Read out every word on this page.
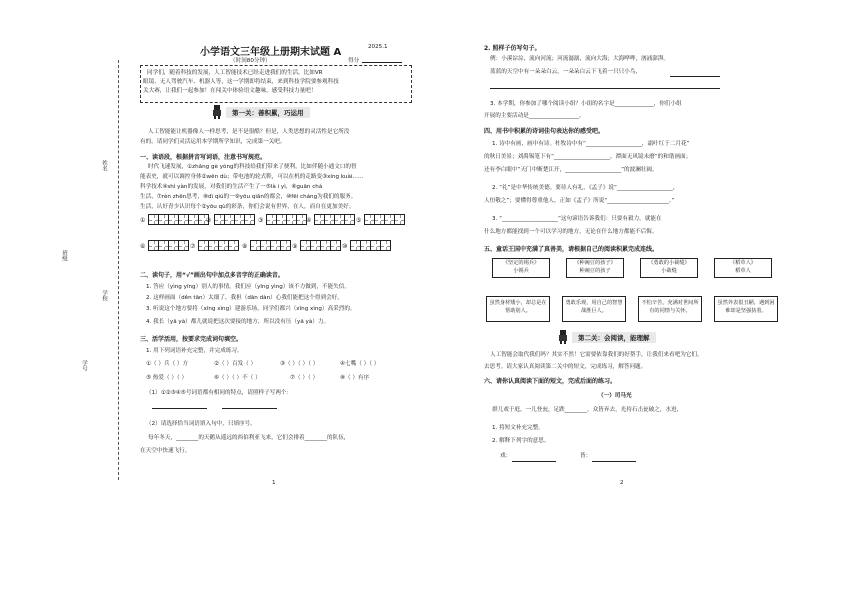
姓名
班级
学校
学号
小学语文三年级上册期末试题 A	2025.1
（时间80分钟）	得分
同学们，随着科技的发展，人工智能技术已经走进我们的生活，比如VR
眼镜、无人驾驶汽车、机器人等，这一学期即将结束，来到科技学院要参观科技
关大赛，让我们一起参加！在闯关中体验语文趣味，感受科技力量吧！
第一关：善积累，巧运用
人工智能能让机器像人一样思考，是不是很酷？但是，人类思想的灵活性是它所没
有的。请同学们灵活运用本学期所学知识，完成第一关吧。
一、读语段，根据拼音写词语，注意书写规范。
时代飞速发展，①zhǎng gè yòng的科技给我们带来了便利，比如伴随小通文口的智
能表史，就可以调控身体②wēn dù；带电池的轮式鞋，可以在机的走路变③xíng kuài……
科学技术④shì yàn的发展，对我们的生活产生了一⑤là i yì，⑥guān chá
生活，⑦rèn zhēn思考，⑧dì qiú的一⑨yōu qiǎn的都会，⑩fēi cháng为我们的服务。
生活，认好青少认识每个②yōu qù的彩条，你们会说有世界，在人，而自在更加美好。
①	②	③	④	⑤
⑥	⑦	⑧	⑨	⑩
二、读句子，用“√”画出句中加点多音字的正确读音。
1. 答应（yìng yīng）别人的事情，我们应（yīng yìng）该不力做到，不能失信。
2. 这样画面（děn tān）太细了，我担（dān dàn）心我们能把这个得到会好。
3. 听说这个地方要将（xīng xìng）建游乐场，同学们都兴（xīng xìng）高采烈的。
4. 我长（yā yà）都儿就说把这次要接的地方，所以没有压（yā yà）力。
三、活学活用，按要求完成词句填空。
1. 用下列词语补充完整，并完成练习。
①（ ）兵（ ）方	②（ ）百发（ ）	③（ ）（ ）（ ）	④七嘴（ ）（ ）
⑤ 热爱（ ）（ ）	⑥（ ）（ ）不（ ）	⑦（ ）（ ）	⑧（ ）有序
（1）①②③④⑤号词语都有相同的特点，请照样子写两个：
（2）请选择恰当词语填入句中，只填序号。
每年冬天，________的天鹅从遥远的西伯利亚飞来，它们会排着________的队伍，
在天空中快速飞行。
1
2. 照样子仿写句子。
例：小溪淙淙，流向河流；河流潺潺，流向大海；大海哗哗，汹涌澎湃。
蓝蓝的天空中有一朵朵白云，一朵朵白云下飞着一只只小鸟，
3. 本学期，你参加了哪个阅读小组？小组的名字是______________，你们小组
开展的主要活动是__________________。
四、用书中积累的诗词佳句表达你的感受吧。
1. 诗中有画，画中有诗。杜牧诗中有“____________________，霜叶红于二月花”
的秋日美景；刘禹锡笔下有“____________________，潭面无风镜未磨”的和谐画面；
还有李白眼中“天门中断楚江开，____________________”的波澜壮阔。
2. “礼”是中华传统美德。要待人有礼，《孟子》说“____________________，
人恒敬之”；要懂得尊重他人，正如《孟子》所说“______________________。”
3. “____________________”这句谚语告诉我们：只要有毅力，就能在
什么地方都能找到一个可以学习的地方，无论在什么地方都能不后悔。
五、童话王国中充满了真善美，请根据自己的阅读积累完成连线。
《坚定的锡兵》
小锡兵
《种豌豆的孩子》
种豌豆的孩子
《勇敢的小裁缝》
小裁缝
《稻草人》
稻草人
虽然身材矮小，却总是在帮助别人。
勇敢乐观，用自己的智慧战胜巨人。
不怕辛苦，充满对世间所有的同情与关怀。
虽然外表很丑陋，遇到困难却是坚强执着。
第二关：会阅读，能理解
人工智能会取代我们吗？其实不然！它需要依靠我们的好帮手，让我们来看吧为它们，
去思考。请大家认真阅读第二关中的短文，完成练习，解答问题。
六、请你认真阅读下面的短文，完成后面的练习。
（一）司马光
群儿戏于庭，一儿登瓮，足跌________，众皆弃去，光持石击瓮破之，水迸，
1. 将短文补充完整。
2. 解释下列字的意思。
戏：	皆：
2
